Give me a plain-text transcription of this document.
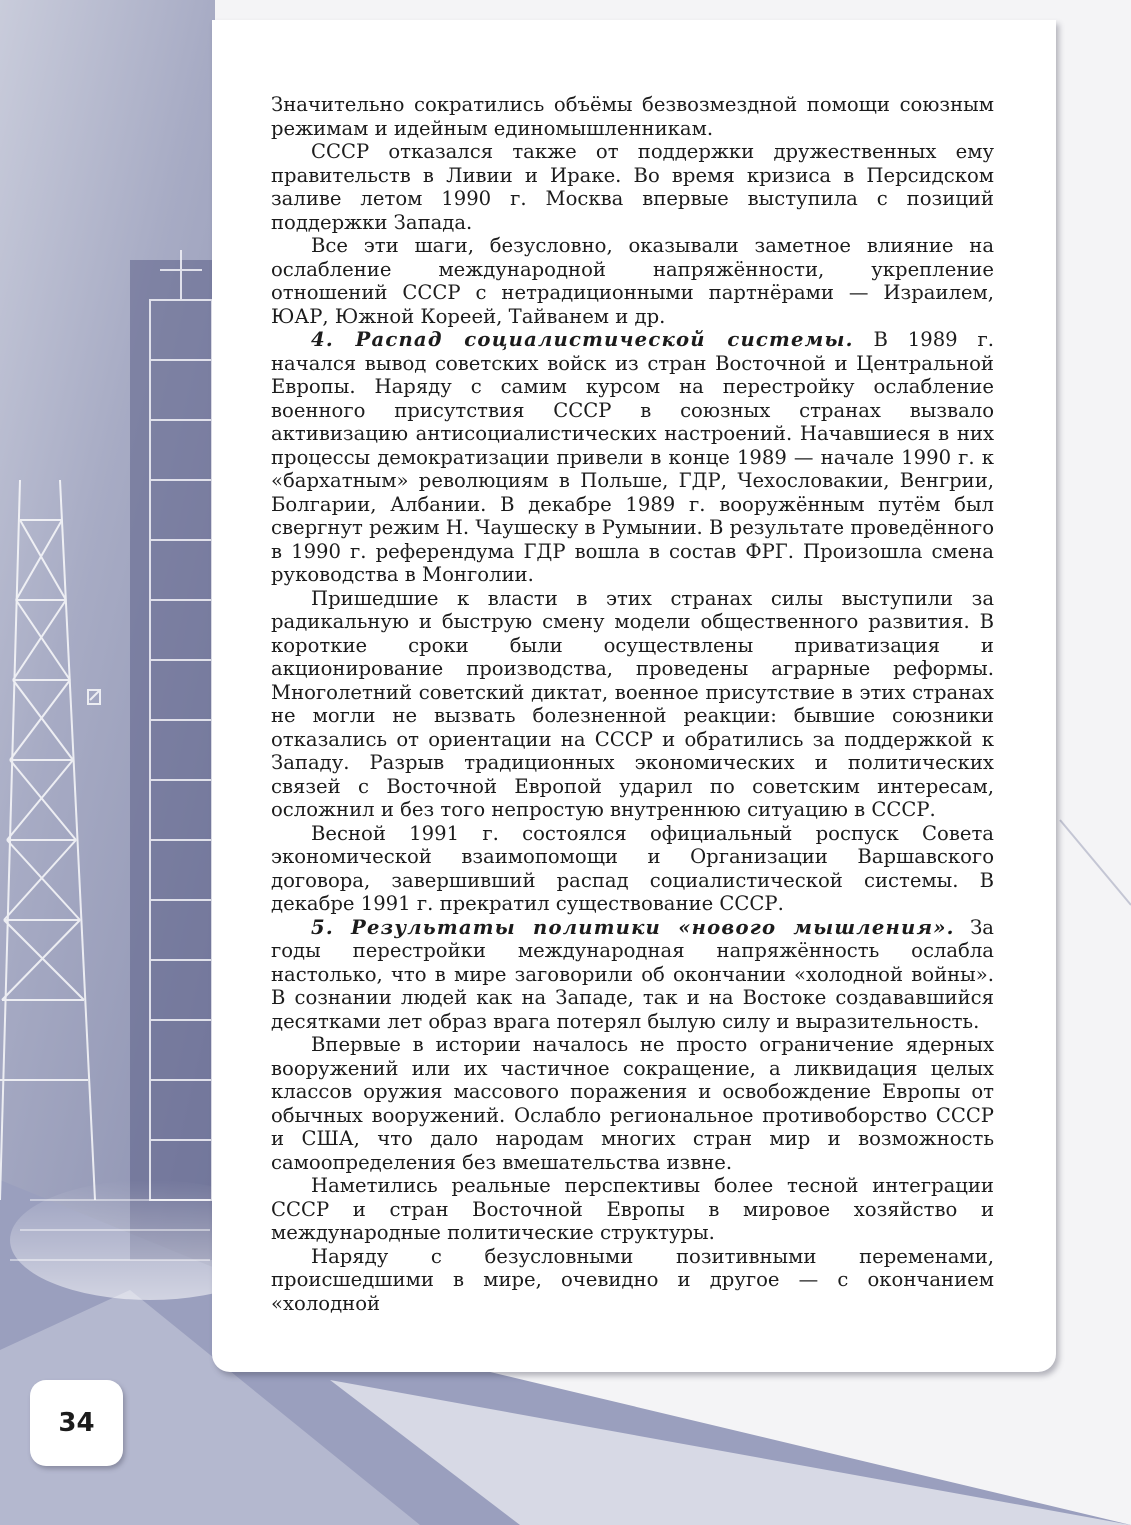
Значительно сократились объёмы безвозмездной помощи союзным режимам и идейным единомышленникам.

СССР отказался также от поддержки дружественных ему правительств в Ливии и Ираке. Во время кризиса в Персидском заливе летом 1990 г. Москва впервые выступила с позиций поддержки Запада.

Все эти шаги, безусловно, оказывали заметное влияние на ослабление международной напряжённости, укрепление отношений СССР с нетрадиционными партнёрами — Израилем, ЮАР, Южной Кореей, Тайванем и др.

4. Распад социалистической системы. В 1989 г. начался вывод советских войск из стран Восточной и Центральной Европы. Наряду с самим курсом на перестройку ослабление военного присутствия СССР в союзных странах вызвало активизацию антисоциалистических настроений. Начавшиеся в них процессы демократизации привели в конце 1989 — начале 1990 г. к «бархатным» революциям в Польше, ГДР, Чехословакии, Венгрии, Болгарии, Албании. В декабре 1989 г. вооружённым путём был свергнут режим Н. Чаушеску в Румынии. В результате проведённого в 1990 г. референдума ГДР вошла в состав ФРГ. Произошла смена руководства в Монголии.

Пришедшие к власти в этих странах силы выступили за радикальную и быструю смену модели общественного развития. В короткие сроки были осуществлены приватизация и акционирование производства, проведены аграрные реформы. Многолетний советский диктат, военное присутствие в этих странах не могли не вызвать болезненной реакции: бывшие союзники отказались от ориентации на СССР и обратились за поддержкой к Западу. Разрыв традиционных экономических и политических связей с Восточной Европой ударил по советским интересам, осложнил и без того непростую внутреннюю ситуацию в СССР.

Весной 1991 г. состоялся официальный роспуск Совета экономической взаимопомощи и Организации Варшавского договора, завершивший распад социалистической системы. В декабре 1991 г. прекратил существование СССР.

5. Результаты политики «нового мышления». За годы перестройки международная напряжённость ослабла настолько, что в мире заговорили об окончании «холодной войны». В сознании людей как на Западе, так и на Востоке создававшийся десятками лет образ врага потерял былую силу и выразительность.

Впервые в истории началось не просто ограничение ядерных вооружений или их частичное сокращение, а ликвидация целых классов оружия массового поражения и освобождение Европы от обычных вооружений. Ослабло региональное противоборство СССР и США, что дало народам многих стран мир и возможность самоопределения без вмешательства извне.

Наметились реальные перспективы более тесной интеграции СССР и стран Восточной Европы в мировое хозяйство и международные политические структуры.

Наряду с безусловными позитивными переменами, происшедшими в мире, очевидно и другое — с окончанием «холодной

34
